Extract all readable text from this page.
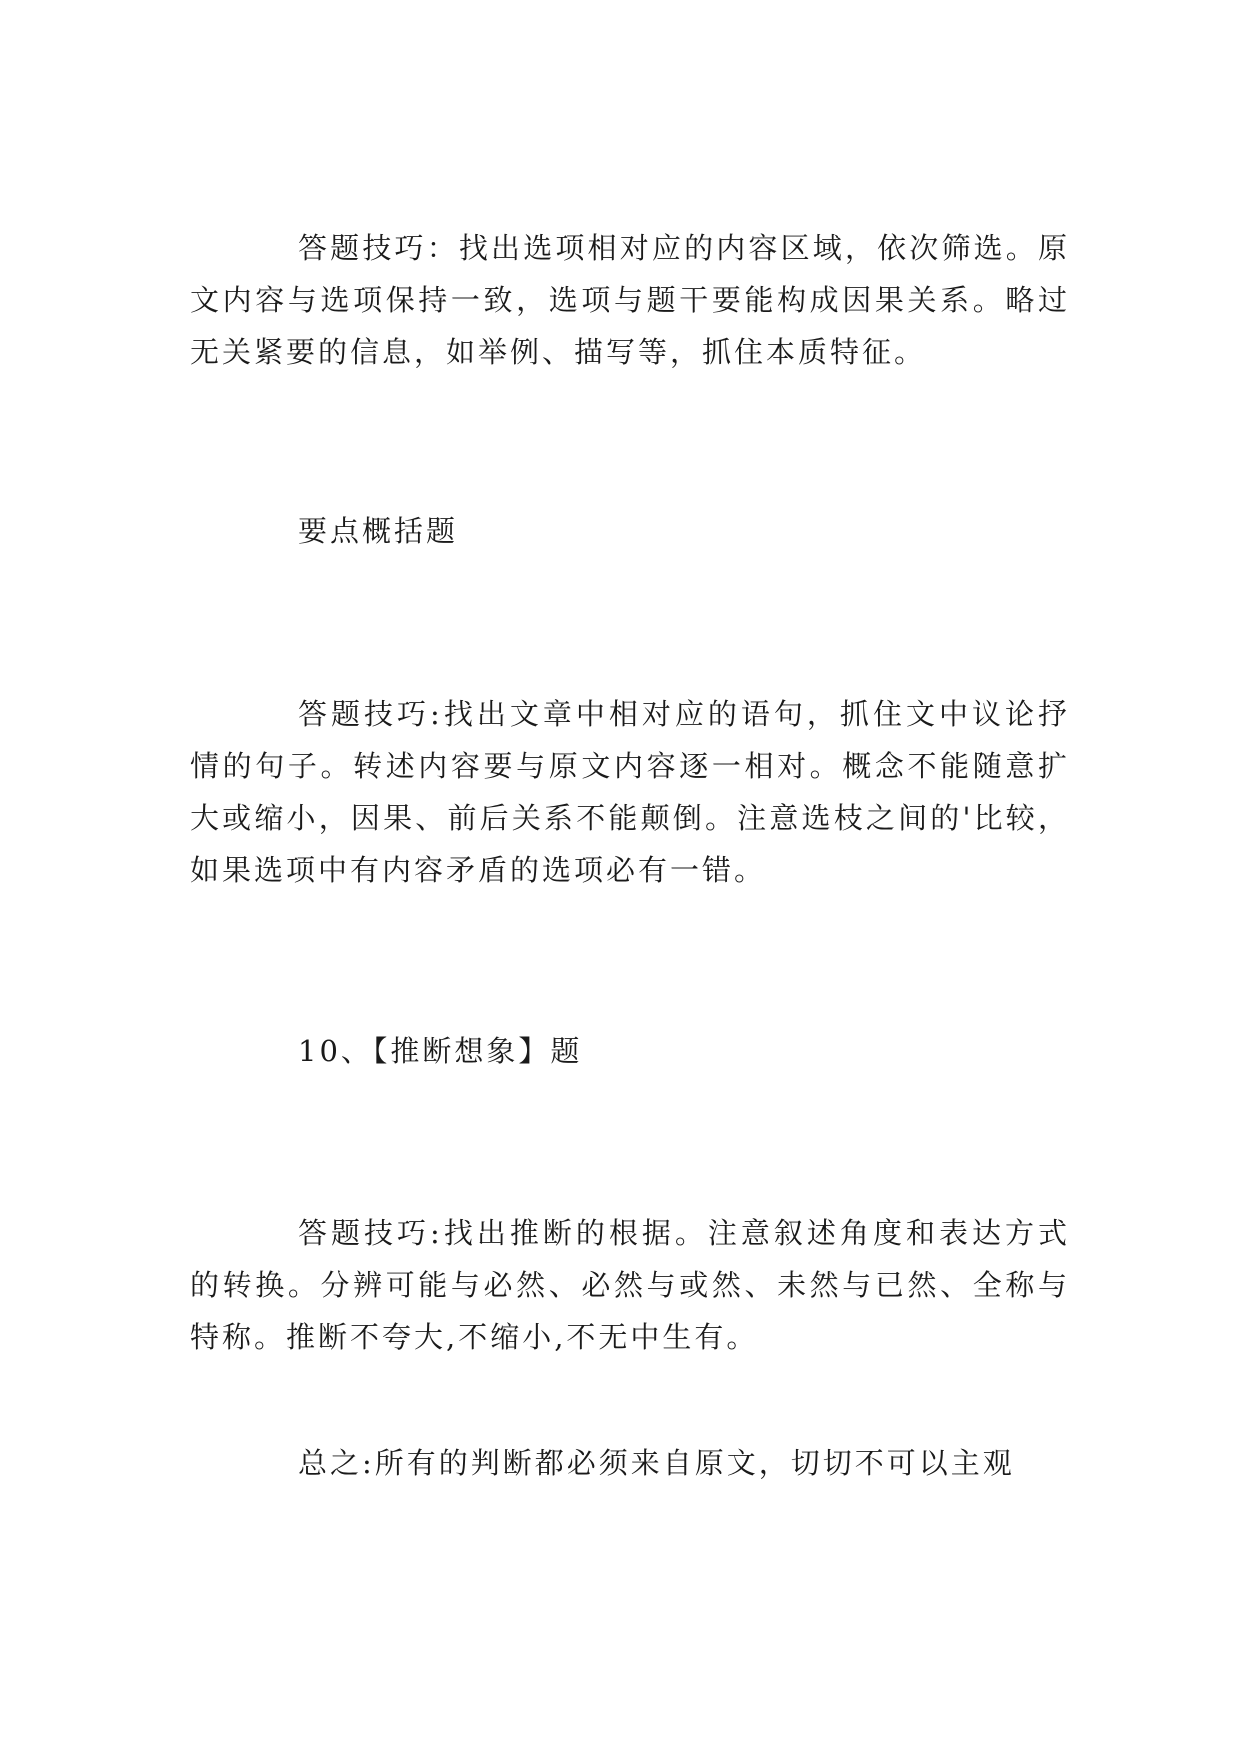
答题技巧：找出选项相对应的内容区域，依次筛选。原文内容与选项保持一致，选项与题干要能构成因果关系。略过无关紧要的信息，如举例、描写等，抓住本质特征。

要点概括题

答题技巧:找出文章中相对应的语句，抓住文中议论抒情的句子。转述内容要与原文内容逐一相对。概念不能随意扩大或缩小，因果、前后关系不能颠倒。注意选枝之间的'比较，如果选项中有内容矛盾的选项必有一错。

10、【推断想象】题

答题技巧:找出推断的根据。注意叙述角度和表达方式的转换。分辨可能与必然、必然与或然、未然与已然、全称与特称。推断不夸大,不缩小,不无中生有。

总之:所有的判断都必须来自原文，切切不可以主观
